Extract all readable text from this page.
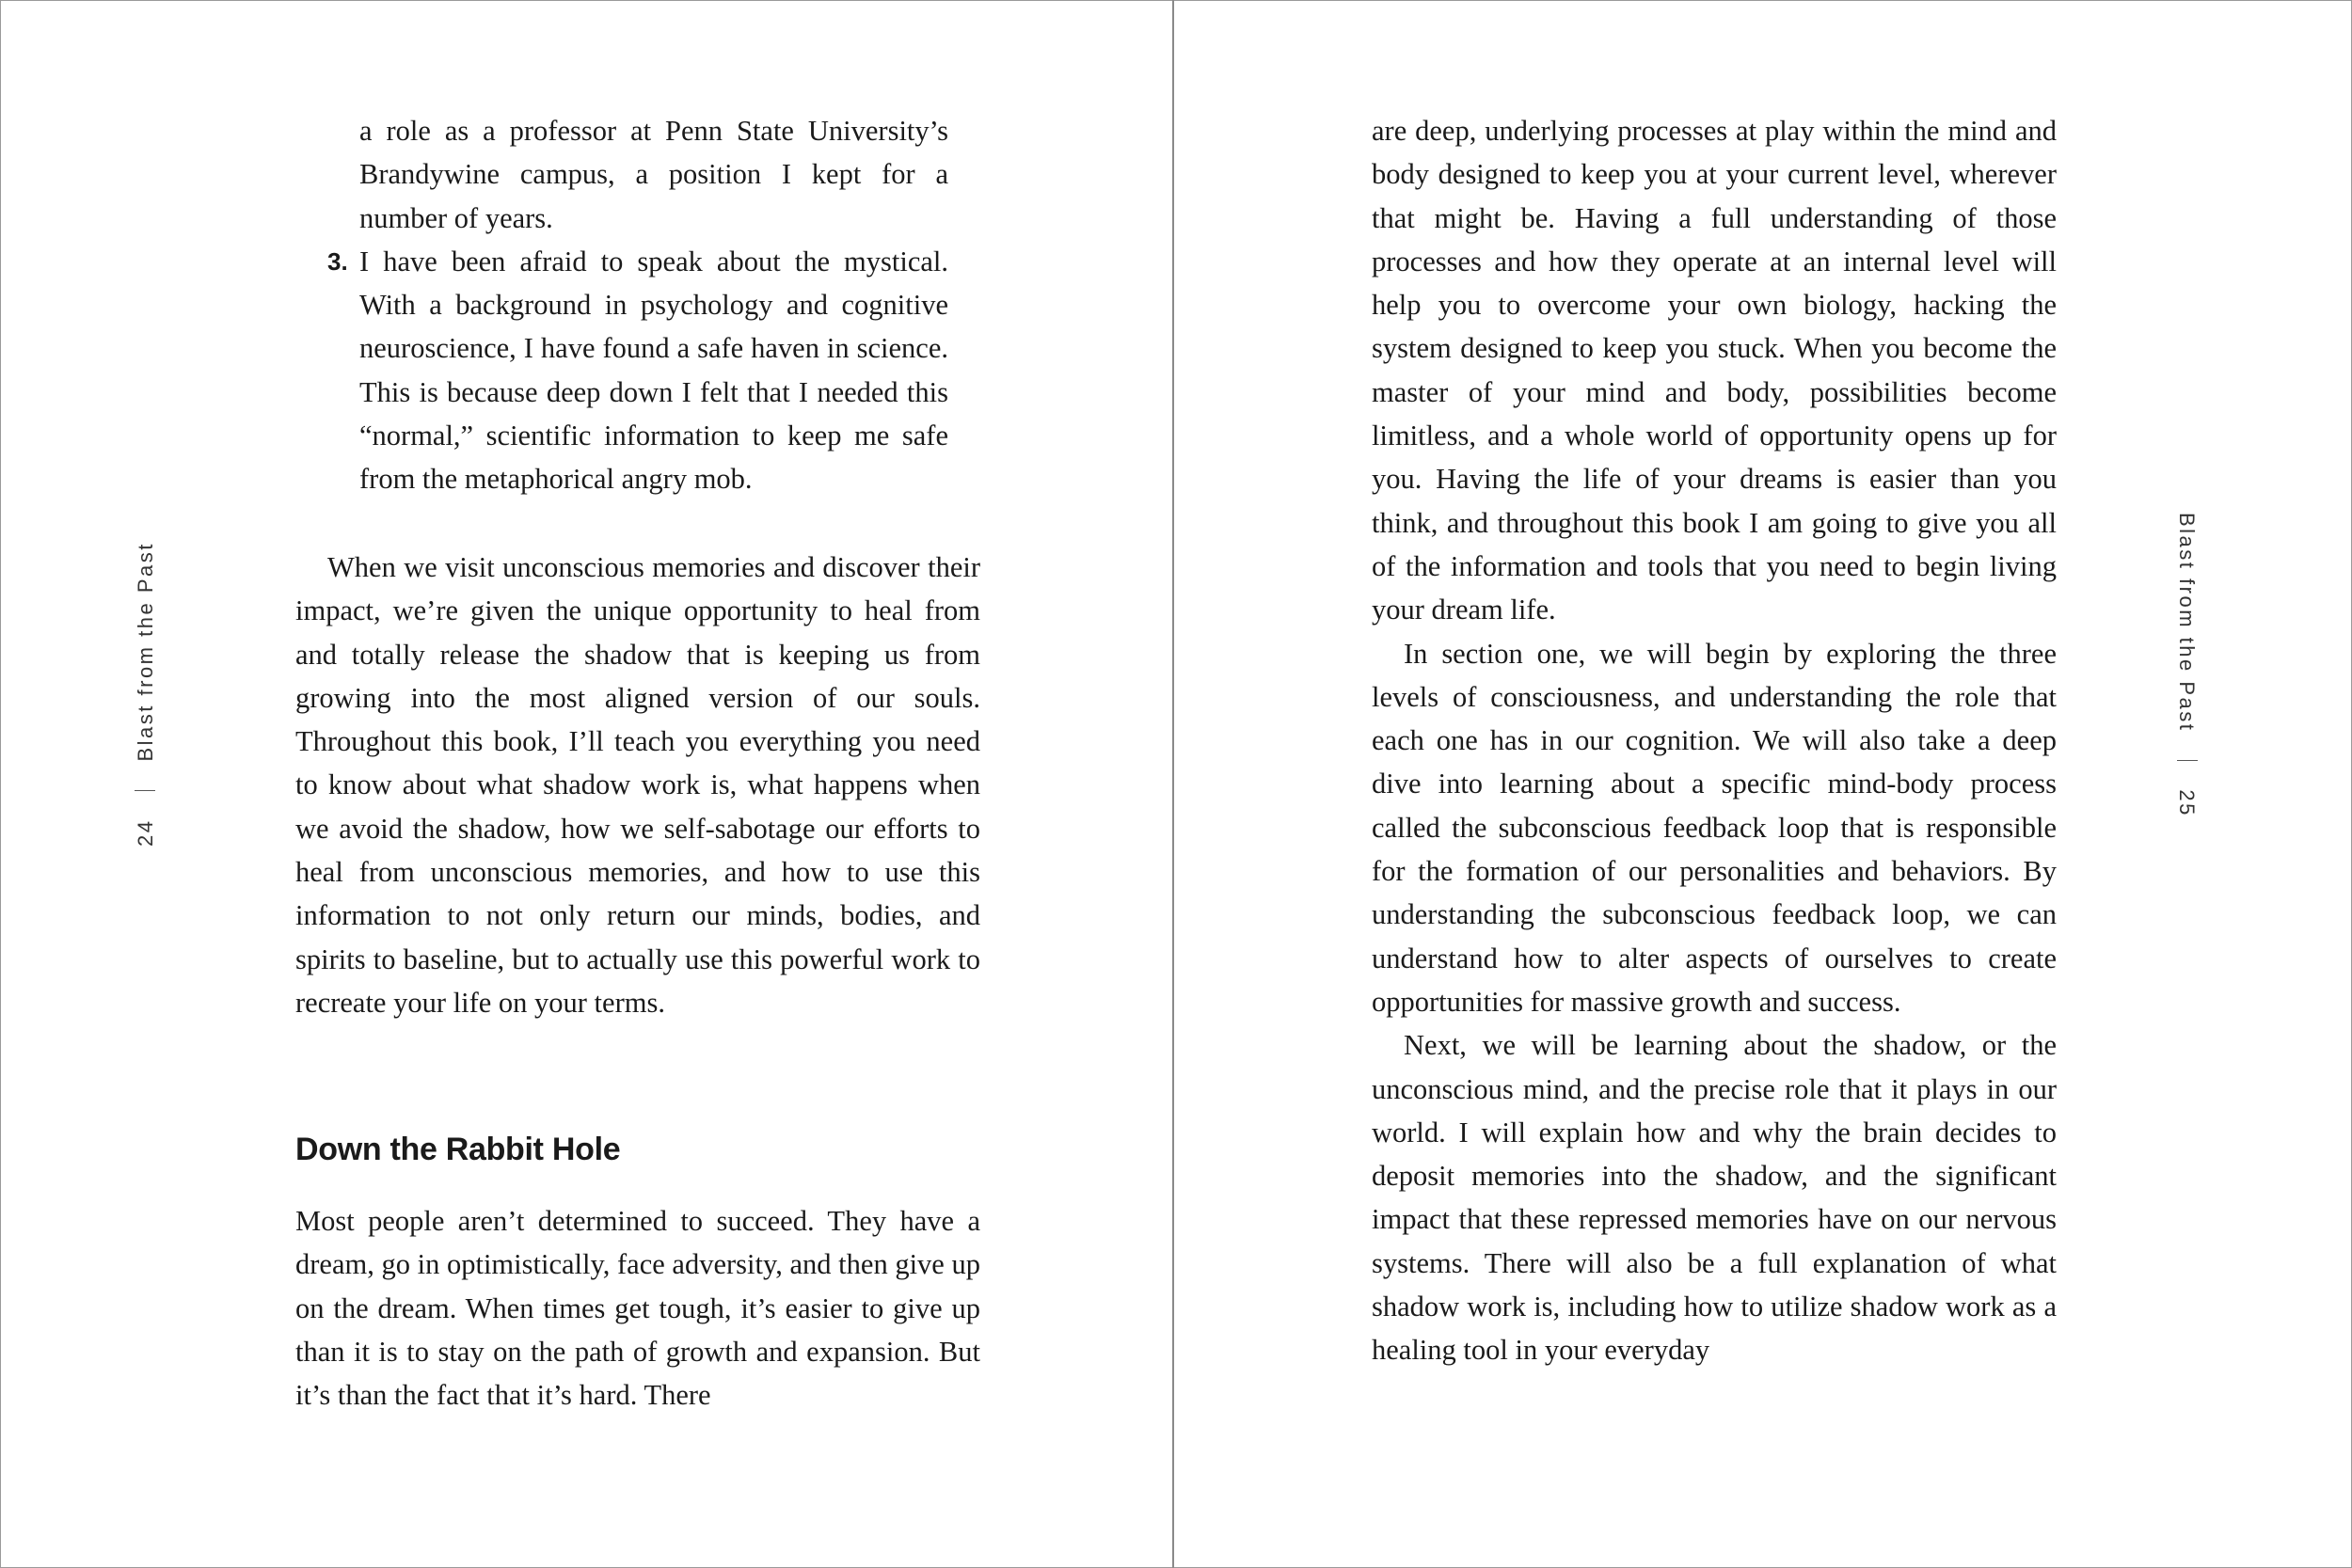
24Blast from the Past

a role as a professor at Penn State University’s Brandywine campus, a position I kept for a number of years.

3. I have been afraid to speak about the mystical. With a background in psychology and cognitive neuroscience, I have found a safe haven in science. This is because deep down I felt that I needed this “normal,” scientific information to keep me safe from the metaphorical angry mob.

When we visit unconscious memories and discover their impact, we’re given the unique opportunity to heal from and totally release the shadow that is keeping us from growing into the most aligned version of our souls. Throughout this book, I’ll teach you everything you need to know about what shadow work is, what happens when we avoid the shadow, how we self-sabotage our efforts to heal from unconscious memories, and how to use this information to not only return our minds, bodies, and spirits to baseline, but to actually use this powerful work to recreate your life on your terms.

Down the Rabbit Hole

Most people aren’t determined to succeed. They have a dream, go in optimistically, face adversity, and then give up on the dream. When times get tough, it’s easier to give up than it is to stay on the path of growth and expansion. But it’s than the fact that it’s hard. There

are deep, underlying processes at play within the mind and body designed to keep you at your current level, wherever that might be. Having a full understanding of those processes and how they operate at an internal level will help you to overcome your own biology, hacking the system designed to keep you stuck. When you become the master of your mind and body, possibilities become limitless, and a whole world of opportunity opens up for you. Having the life of your dreams is easier than you think, and throughout this book I am going to give you all of the information and tools that you need to begin living your dream life.

In section one, we will begin by exploring the three levels of consciousness, and understanding the role that each one has in our cognition. We will also take a deep dive into learning about a specific mind-body process called the subconscious feedback loop that is responsible for the formation of our personalities and behaviors. By understanding the subconscious feedback loop, we can understand how to alter aspects of ourselves to create opportunities for massive growth and success.

Next, we will be learning about the shadow, or the unconscious mind, and the precise role that it plays in our world. I will explain how and why the brain decides to deposit memories into the shadow, and the significant impact that these repressed memories have on our nervous systems. There will also be a full explanation of what shadow work is, including how to utilize shadow work as a healing tool in your everyday

Blast from the Past25
